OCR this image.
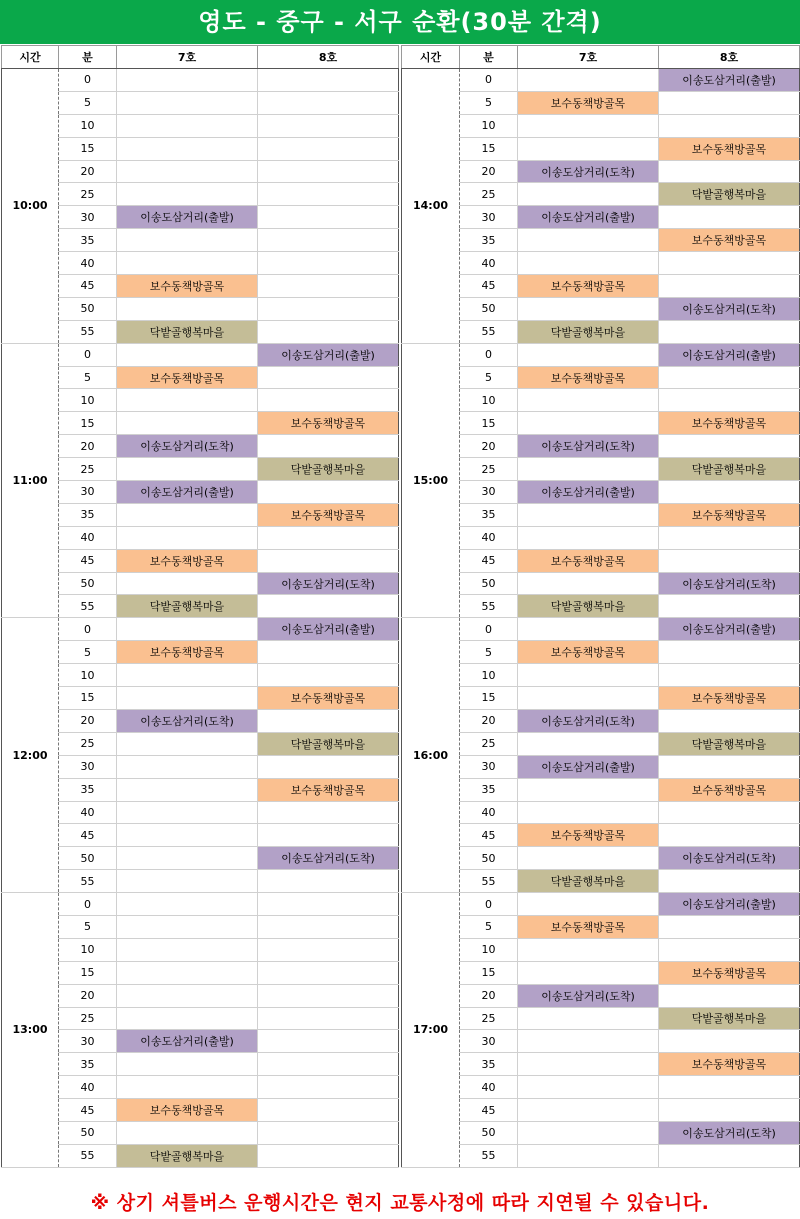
영도 - 중구 - 서구 순환(30분 간격)
시간	분	7호	8호
10:00	0		
	5		
	10		
	15		
	20		
	25		
	30	이송도삼거리(출발)	
	35		
	40		
	45	보수동책방골목	
	50		
	55	닥밭골행복마을	
11:00	0		이송도삼거리(출발)
	5	보수동책방골목	
	10		
	15		보수동책방골목
	20	이송도삼거리(도착)	
	25		닥밭골행복마을
	30	이송도삼거리(출발)	
	35		보수동책방골목
	40		
	45	보수동책방골목	
	50		이송도삼거리(도착)
	55	닥밭골행복마을	
12:00	0		이송도삼거리(출발)
	5	보수동책방골목	
	10		
	15		보수동책방골목
	20	이송도삼거리(도착)	
	25		닥밭골행복마을
	30		
	35		보수동책방골목
	40		
	45		
	50		이송도삼거리(도착)
	55		
13:00	0		
	5		
	10		
	15		
	20		
	25		
	30	이송도삼거리(출발)	
	35		
	40		
	45	보수동책방골목	
	50		
	55	닥밭골행복마을	
시간	분	7호	8호
14:00	0		이송도삼거리(출발)
	5	보수동책방골목	
	10		
	15		보수동책방골목
	20	이송도삼거리(도착)	
	25		닥밭골행복마을
	30	이송도삼거리(출발)	
	35		보수동책방골목
	40		
	45	보수동책방골목	
	50		이송도삼거리(도착)
	55	닥밭골행복마을	
15:00	0		이송도삼거리(출발)
	5	보수동책방골목	
	10		
	15		보수동책방골목
	20	이송도삼거리(도착)	
	25		닥밭골행복마을
	30	이송도삼거리(출발)	
	35		보수동책방골목
	40		
	45	보수동책방골목	
	50		이송도삼거리(도착)
	55	닥밭골행복마을	
16:00	0		이송도삼거리(출발)
	5	보수동책방골목	
	10		
	15		보수동책방골목
	20	이송도삼거리(도착)	
	25		닥밭골행복마을
	30	이송도삼거리(출발)	
	35		보수동책방골목
	40		
	45	보수동책방골목	
	50		이송도삼거리(도착)
	55	닥밭골행복마을	
17:00	0		이송도삼거리(출발)
	5	보수동책방골목	
	10		
	15		보수동책방골목
	20	이송도삼거리(도착)	
	25		닥밭골행복마을
	30		
	35		보수동책방골목
	40		
	45		
	50		이송도삼거리(도착)
	55		
※ 상기 셔틀버스 운행시간은 현지 교통사정에 따라 지연될 수 있습니다.
